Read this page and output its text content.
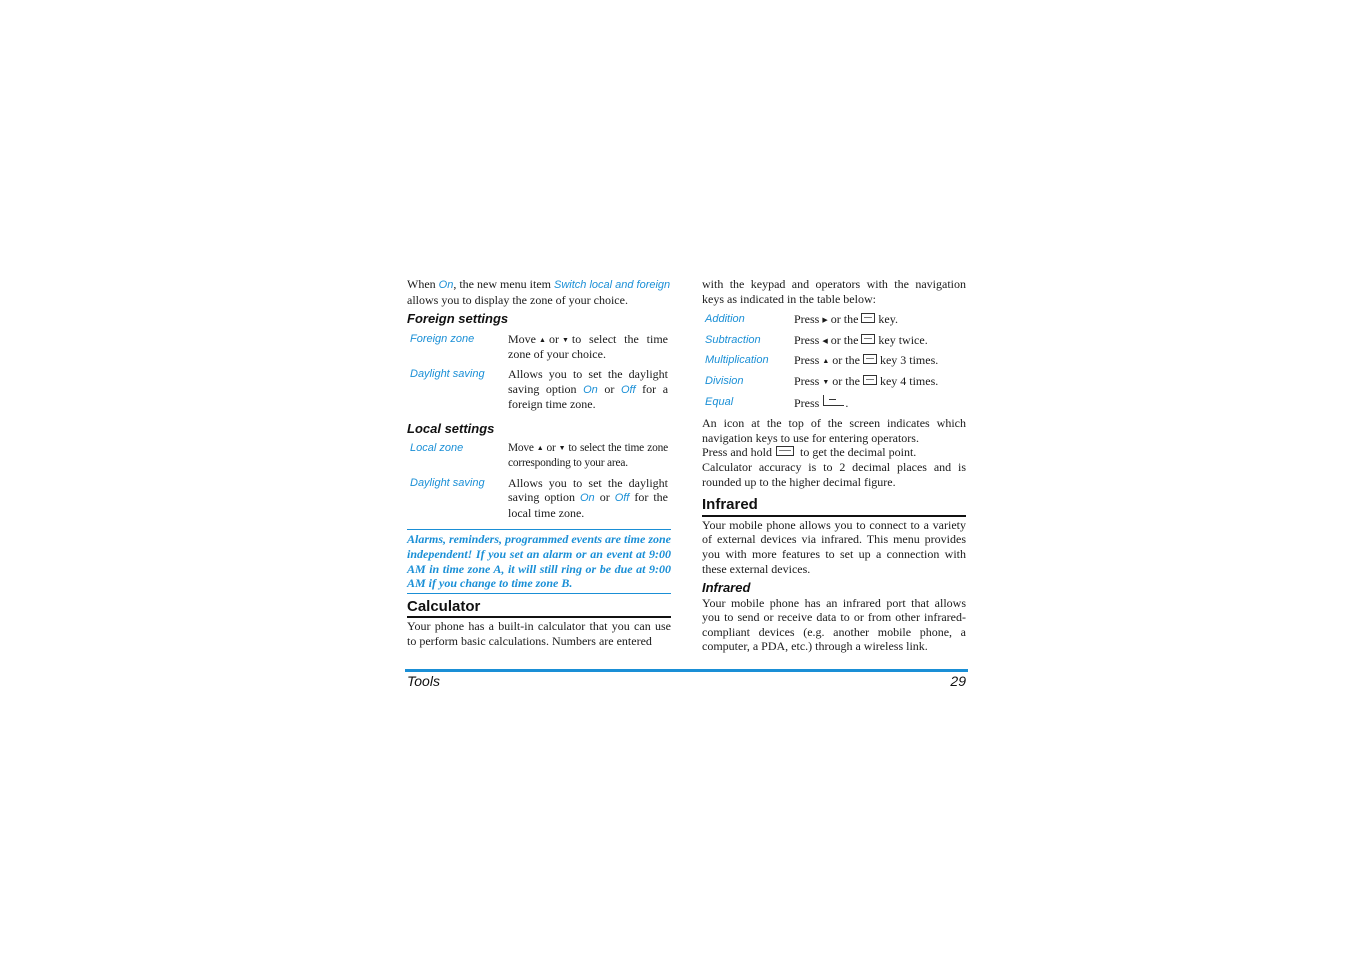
When On, the new menu item Switch local and foreign
allows you to display the zone of your choice.

Foreign settings
Foreign zone	Move ▲ or ▼ to select the time zone of your choice.
Daylight saving	Allows you to set the daylight saving option On or Off for a foreign time zone.
Local settings
Local zone	Move ▲ or ▼ to select the time zone corresponding to your area.
Daylight saving	Allows you to set the daylight saving option On or Off for the local time zone.
Alarms, reminders, programmed events are time zone independent! If you set an alarm or an event at 9:00 AM in time zone A, it will still ring or be due at 9:00 AM if you change to time zone B.
Calculator

Your phone has a built-in calculator that you can use to perform basic calculations. Numbers are entered

with the keypad and operators with the navigation keys as indicated in the table below:

Addition	Press ▶ or the key.
Subtraction	Press ◀ or the key twice.
Multiplication	Press ▲ or the key 3 times.
Division	Press ▼ or the key 4 times.
Equal	Press .

An icon at the top of the screen indicates which navigation keys to use for entering operators.

Press and hold to get the decimal point.

Calculator accuracy is to 2 decimal places and is rounded up to the higher decimal figure.

Infrared

Your mobile phone allows you to connect to a variety of external devices via infrared. This menu provides you with more features to set up a connection with these external devices.

Infrared

Your mobile phone has an infrared port that allows you to send or receive data to or from other infrared-compliant devices (e.g. another mobile phone, a computer, a PDA, etc.) through a wireless link.

Tools	29
